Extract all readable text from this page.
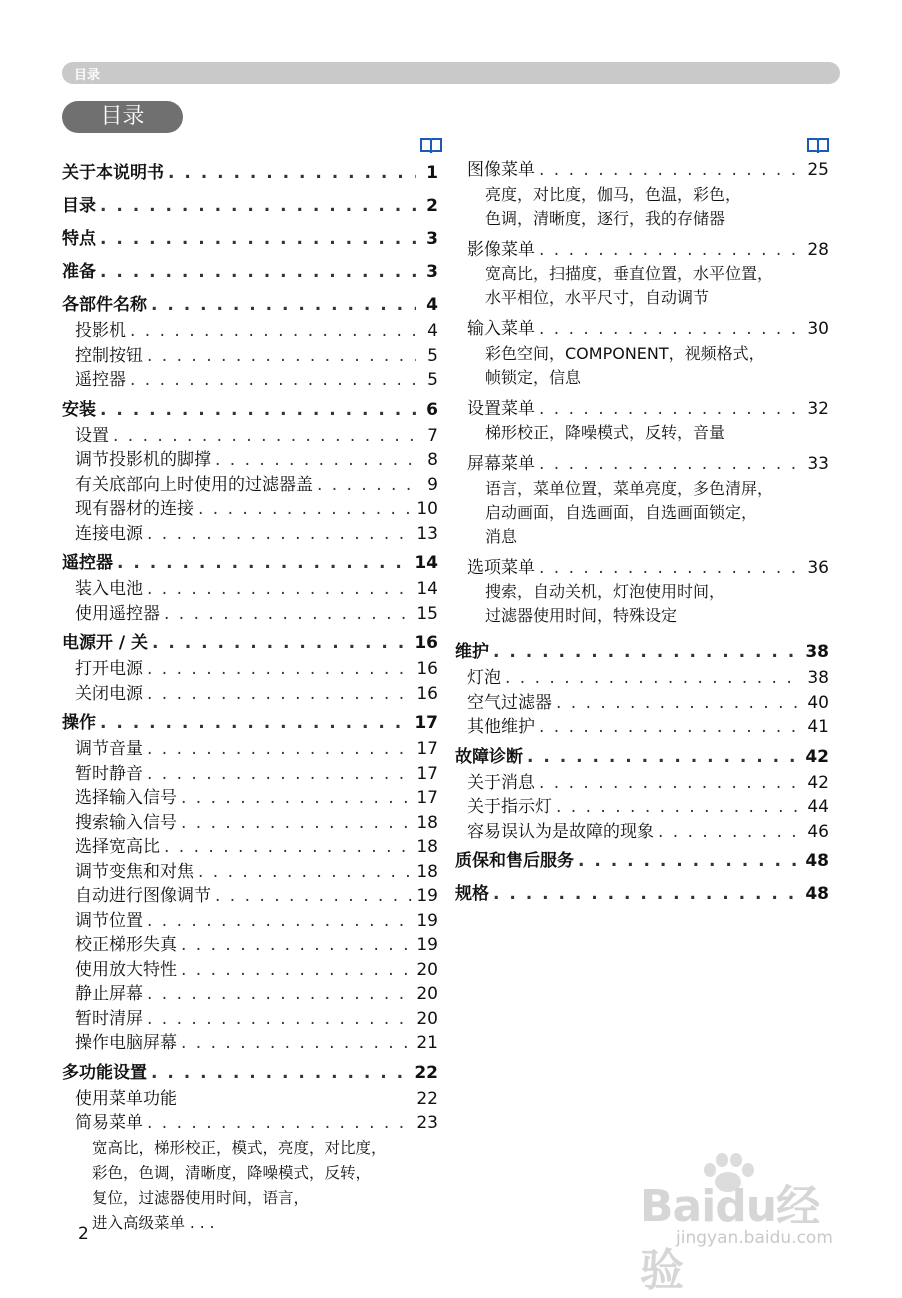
目录
目录
关于本说明书 . .	1
目录 . .	2
特点 . .	3
准备 . .	3
各部件名称 . .	4
投影机 . .	4
控制按钮 . .	5
遥控器 . .	5
安装 . .	6
设置 . .	7
调节投影机的脚撑 . .	8
有关底部向上时使用的过滤器盖 . .	9
现有器材的连接 . .	10
连接电源 . .	13
遥控器 . .	14
装入电池 . .	14
使用遥控器 . .	15
电源开 / 关 . .	16
打开电源 . .	16
关闭电源 . .	16
操作 . .	17
调节音量 . .	17
暂时静音 . .	17
选择输入信号 . .	17
搜索输入信号 . .	18
选择宽高比 . .	18
调节变焦和对焦 . .	18
自动进行图像调节 . .	19
调节位置 . .	19
校正梯形失真 . .	19
使用放大特性 . .	20
静止屏幕 . .	20
暂时清屏 . .	20
操作电脑屏幕 . .	21
多功能设置 . .	22
使用菜单功能	22
简易菜单 . .	23
宽高比，梯形校正，模式，亮度，对比度，
彩色，色调，清晰度，降噪模式，反转，
复位，过滤器使用时间，语言，
进入高级菜单 . . .
图像菜单 . .	25
亮度，对比度，伽马，色温，彩色，
色调，清晰度，逐行，我的存储器
影像菜单 . .	28
宽高比，扫描度，垂直位置，水平位置，
水平相位，水平尺寸，自动调节
输入菜单 . .	30
彩色空间，COMPONENT，视频格式，
帧锁定，信息
设置菜单 . .	32
梯形校正，降噪模式，反转，音量
屏幕菜单 . .	33
语言，菜单位置，菜单亮度，多色清屏，
启动画面，自选画面，自选画面锁定，
消息
选项菜单 . .	36
搜索，自动关机，灯泡使用时间，
过滤器使用时间，特殊设定
维护 . .	38
灯泡 . .	38
空气过滤器 . .	40
其他维护 . .	41
故障诊断 . .	42
关于消息 . .	42
关于指示灯 . .	44
容易误认为是故障的现象 . .	46
质保和售后服务 . .	48
规格 . .	48
2
Baidu经验
jingyan.baidu.com
